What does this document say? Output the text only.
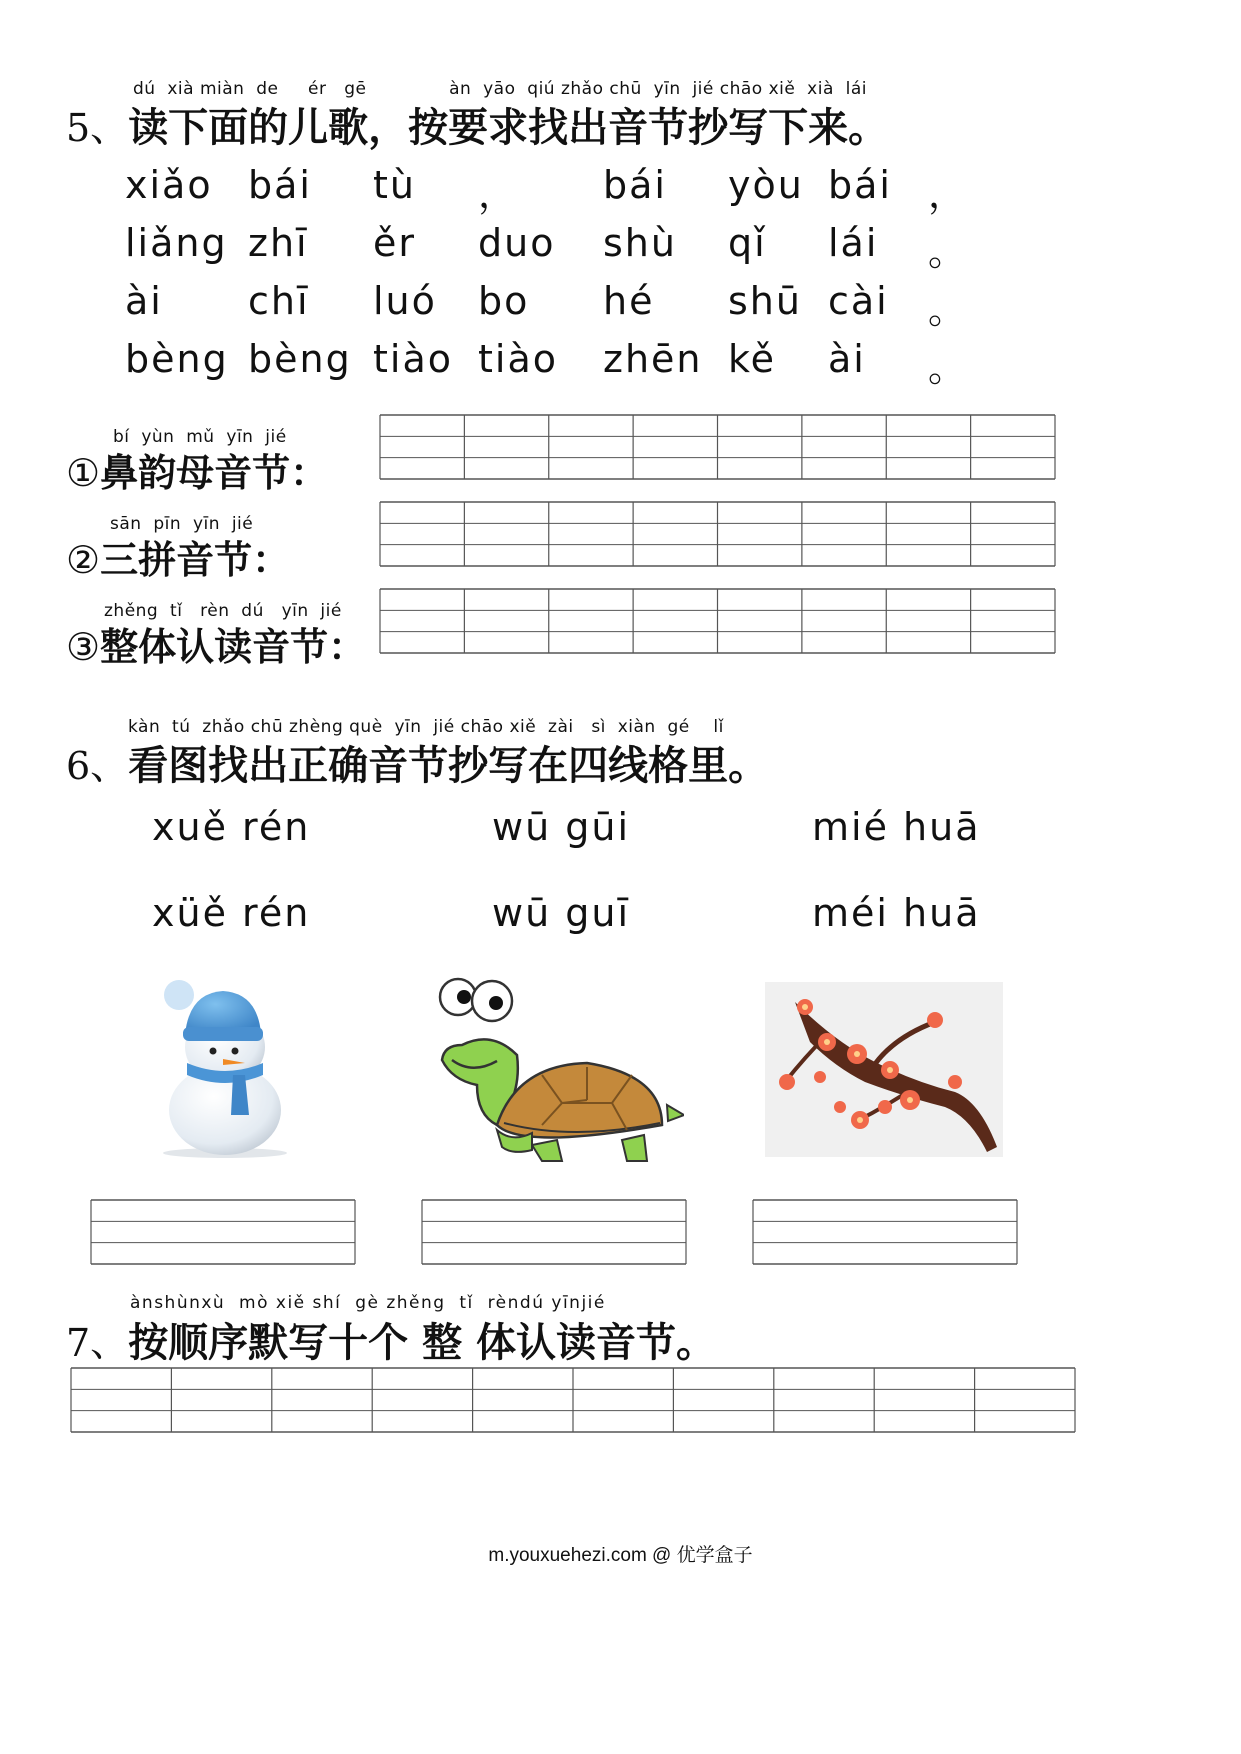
dú  xià miàn  de     ér   gē              àn  yāo  qiú zhǎo chū  yīn  jié chāo xiě  xià  lái
5、读下面的儿歌，按要求找出音节抄写下来。
xiǎo bái tù ， bái yòu bái ，
liǎng zhī ěr duo shù qǐ lái 。
ài chī luó bo hé shū cài 。
bèng bèng tiào tiào zhēn kě ài 。
bí  yùn  mǔ  yīn  jié
①鼻韵母音节：
sān  pīn  yīn  jié
②三拼音节：
zhěng  tǐ   rèn  dú   yīn  jié
③整体认读音节：
kàn  tú  zhǎo chū zhèng què  yīn  jié chāo xiě  zài   sì  xiàn  gé    lǐ
6、看图找出正确音节抄写在四线格里。
xuě rén	wū gūi	mié huā
xüě rén	wū guī	méi huā
ànshùnxù  mò xiě shí  gè zhěng  tǐ  rèndú yīnjié
7、按顺序默写十个 整 体认读音节。
m.youxuehezi.com @ 优学盒子
